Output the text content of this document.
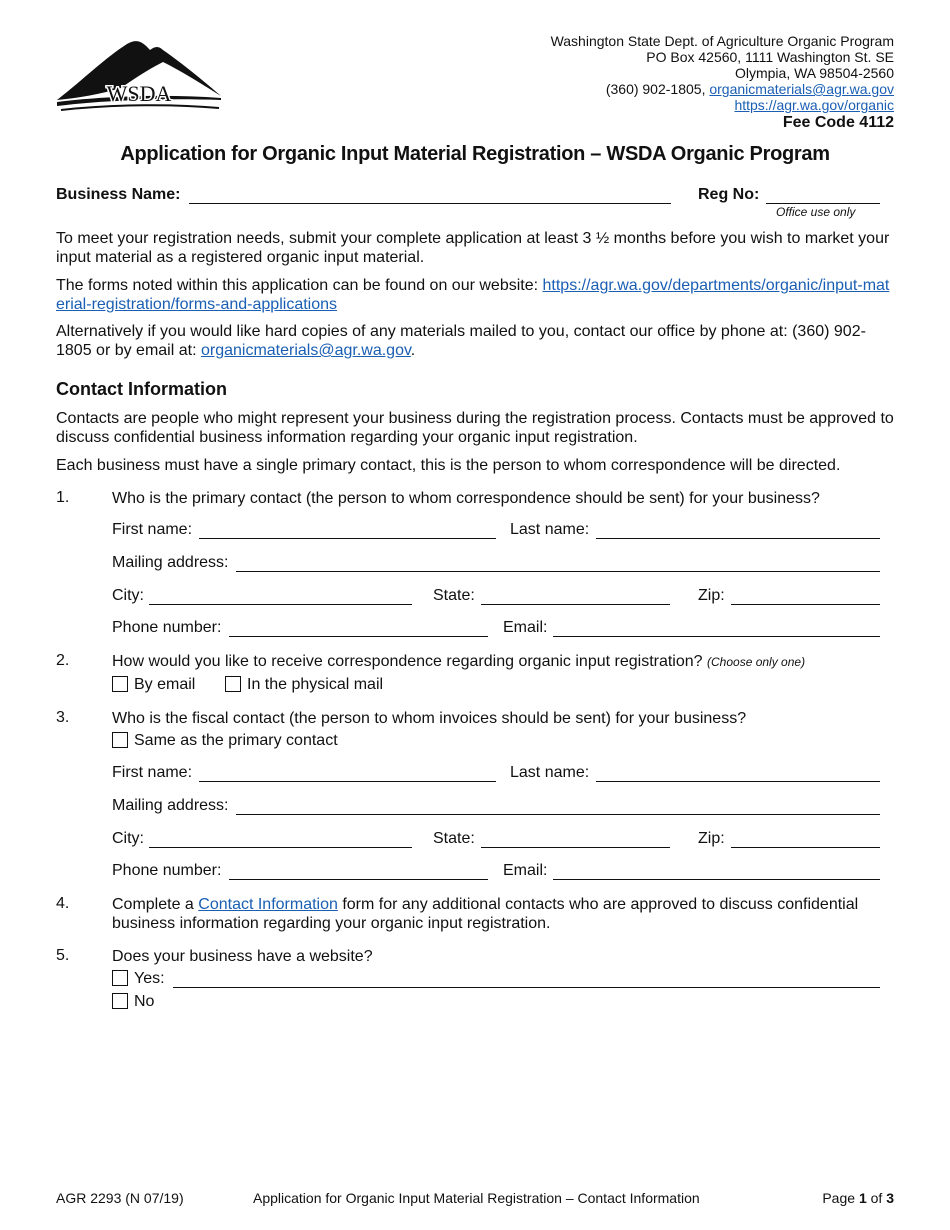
WSDA
Washington State Dept. of Agriculture Organic Program
PO Box 42560, 1111 Washington St. SE
Olympia, WA 98504-2560
(360) 902-1805, organicmaterials@agr.wa.gov
https://agr.wa.gov/organic
Fee Code 4112
Application for Organic Input Material Registration – WSDA Organic Program
Business Name:	Reg No:
Office use only
To meet your registration needs, submit your complete application at least 3 ½ months before you wish to market your input material as a registered organic input material.
The forms noted within this application can be found on our website: https://agr.wa.gov/departments/organic/input-material-registration/forms-and-applications
Alternatively if you would like hard copies of any materials mailed to you, contact our office by phone at: (360) 902-1805 or by email at: organicmaterials@agr.wa.gov.
Contact Information
Contacts are people who might represent your business during the registration process. Contacts must be approved to discuss confidential business information regarding your organic input registration.
Each business must have a single primary contact, this is the person to whom correspondence will be directed.
1.	Who is the primary contact (the person to whom correspondence should be sent) for your business?
First name:	Last name:
Mailing address:
City:	State:	Zip:
Phone number:	Email:
2.	How would you like to receive correspondence regarding organic input registration? (Choose only one)
By email	In the physical mail
3.	Who is the fiscal contact (the person to whom invoices should be sent) for your business?
Same as the primary contact
First name:	Last name:
Mailing address:
City:	State:	Zip:
Phone number:	Email:
4.	Complete a Contact Information form for any additional contacts who are approved to discuss confidential business information regarding your organic input registration.
5.	Does your business have a website?
Yes:
No
AGR 2293 (N 07/19)	Application for Organic Input Material Registration – Contact Information	Page 1 of 3
